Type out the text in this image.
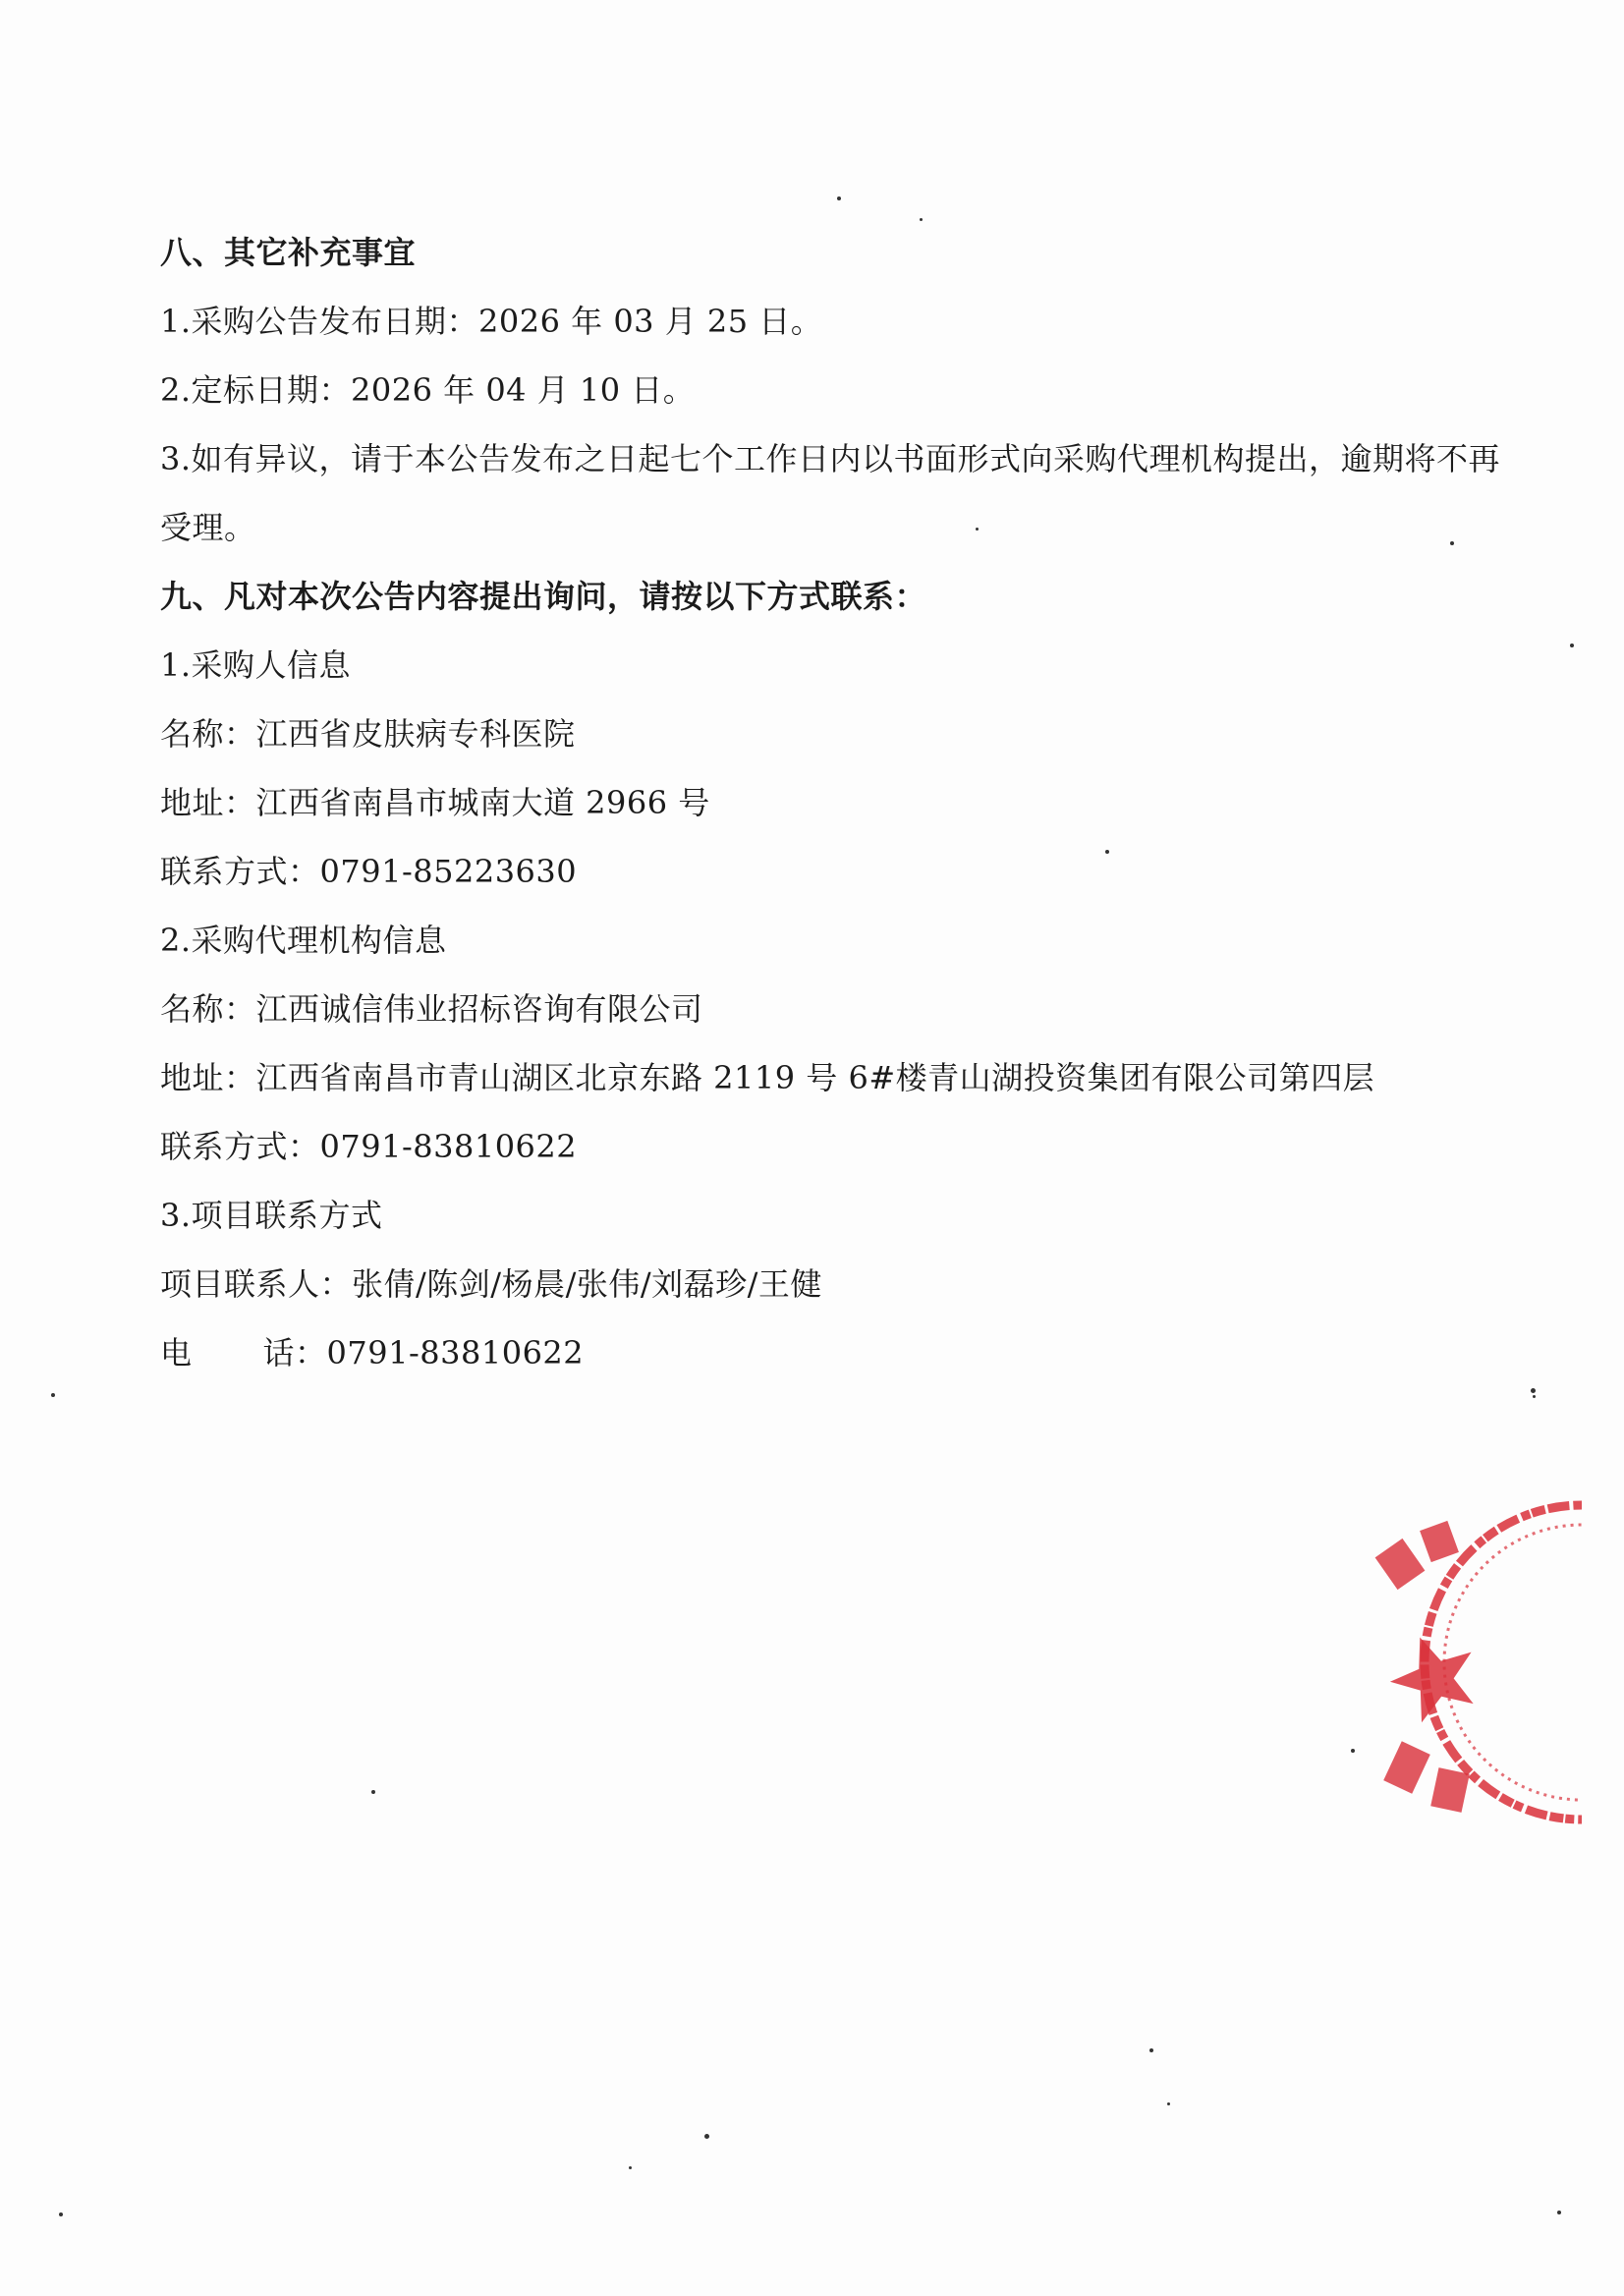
八、其它补充事宜
1.采购公告发布日期：2026 年 03 月 25 日。
2.定标日期：2026 年 04 月 10 日。
3.如有异议，请于本公告发布之日起七个工作日内以书面形式向采购代理机构提出，逾期将不再受理。
九、凡对本次公告内容提出询问，请按以下方式联系：
1.采购人信息
名称：江西省皮肤病专科医院
地址：江西省南昌市城南大道 2966 号
联系方式：0791-85223630
2.采购代理机构信息
名称：江西诚信伟业招标咨询有限公司
地址：江西省南昌市青山湖区北京东路 2119 号 6#楼青山湖投资集团有限公司第四层
联系方式：0791-83810622
3.项目联系方式
项目联系人：张倩/陈剑/杨晨/张伟/刘磊珍/王健
电 话：0791-83810622
